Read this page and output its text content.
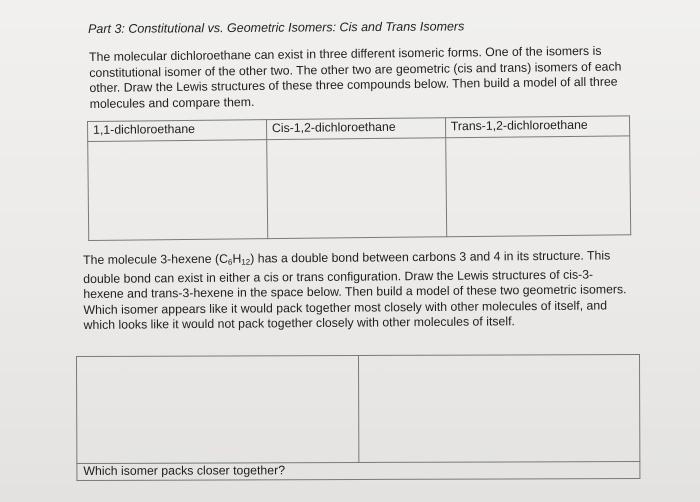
Part 3: Constitutional vs. Geometric Isomers: Cis and Trans Isomers

The molecular dichloroethane can exist in three different isomeric forms. One of the isomers is constitutional isomer of the other two. The other two are geometric (cis and trans) isomers of each other. Draw the Lewis structures of these three compounds below. Then build a model of all three molecules and compare them.

1,1-dichloroethane	Cis-1,2-dichloroethane	Trans-1,2-dichloroethane

The molecule 3-hexene $(C_6H_{12})$ has a double bond between carbons 3 and 4 in its structure. This double bond can exist in either a cis or trans configuration. Draw the Lewis structures of cis-3-hexene and trans-3-hexene in the space below. Then build a model of these two geometric isomers. Which isomer appears like it would pack together most closely with other molecules of itself, and which looks like it would not pack together closely with other molecules of itself.

Which isomer packs closer together?
